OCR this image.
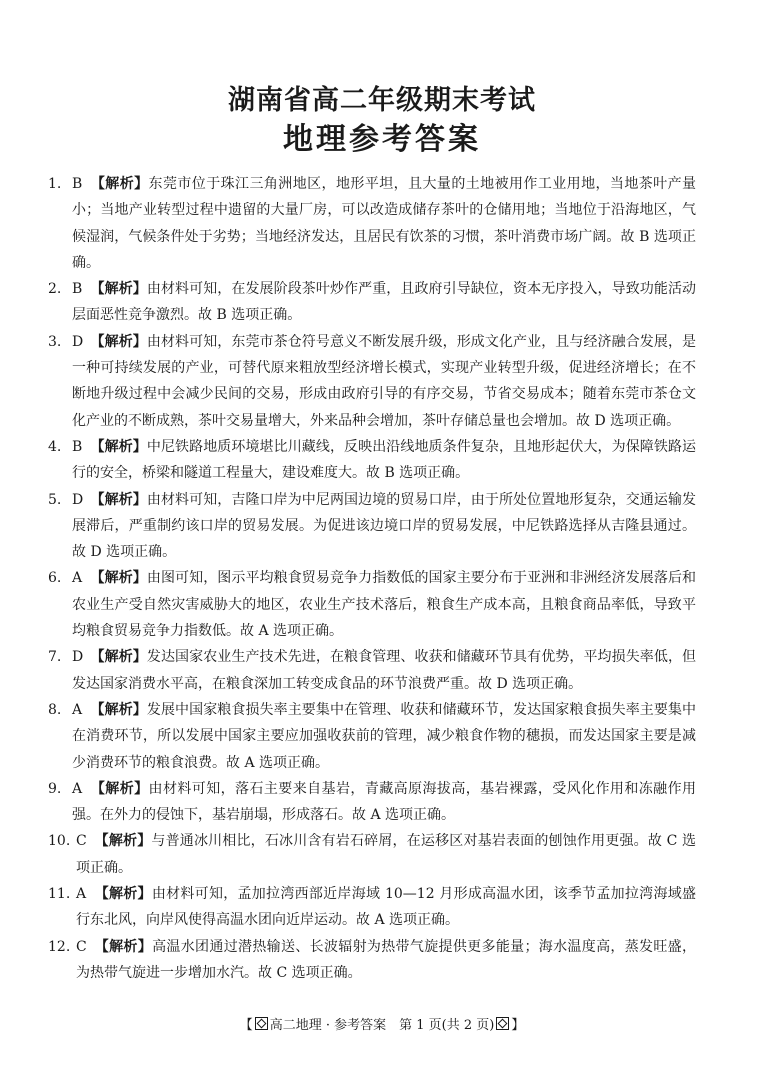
湖南省高二年级期末考试
地理参考答案
1. B 【解析】东莞市位于珠江三角洲地区，地形平坦，且大量的土地被用作工业用地，当地茶叶产量小；当地产业转型过程中遗留的大量厂房，可以改造成储存茶叶的仓储用地；当地位于沿海地区，气候湿润，气候条件处于劣势；当地经济发达，且居民有饮茶的习惯，茶叶消费市场广阔。故 B 选项正确。
2. B 【解析】由材料可知，在发展阶段茶叶炒作严重，且政府引导缺位，资本无序投入，导致功能活动层面恶性竞争激烈。故 B 选项正确。
3. D 【解析】由材料可知，东莞市茶仓符号意义不断发展升级，形成文化产业，且与经济融合发展，是一种可持续发展的产业，可替代原来粗放型经济增长模式，实现产业转型升级，促进经济增长；在不断地升级过程中会减少民间的交易，形成由政府引导的有序交易，节省交易成本；随着东莞市茶仓文化产业的不断成熟，茶叶交易量增大，外来品种会增加，茶叶存储总量也会增加。故 D 选项正确。
4. B 【解析】中尼铁路地质环境堪比川藏线，反映出沿线地质条件复杂，且地形起伏大，为保障铁路运行的安全，桥梁和隧道工程量大，建设难度大。故 B 选项正确。
5. D 【解析】由材料可知，吉隆口岸为中尼两国边境的贸易口岸，由于所处位置地形复杂，交通运输发展滞后，严重制约该口岸的贸易发展。为促进该边境口岸的贸易发展，中尼铁路选择从吉隆县通过。故 D 选项正确。
6. A 【解析】由图可知，图示平均粮食贸易竞争力指数低的国家主要分布于亚洲和非洲经济发展落后和农业生产受自然灾害威胁大的地区，农业生产技术落后，粮食生产成本高，且粮食商品率低，导致平均粮食贸易竞争力指数低。故 A 选项正确。
7. D 【解析】发达国家农业生产技术先进，在粮食管理、收获和储藏环节具有优势，平均损失率低，但发达国家消费水平高，在粮食深加工转变成食品的环节浪费严重。故 D 选项正确。
8. A 【解析】发展中国家粮食损失率主要集中在管理、收获和储藏环节，发达国家粮食损失率主要集中在消费环节，所以发展中国家主要应加强收获前的管理，减少粮食作物的穗损，而发达国家主要是减少消费环节的粮食浪费。故 A 选项正确。
9. A 【解析】由材料可知，落石主要来自基岩，青藏高原海拔高，基岩裸露，受风化作用和冻融作用强。在外力的侵蚀下，基岩崩塌，形成落石。故 A 选项正确。
10. C 【解析】与普通冰川相比，石冰川含有岩石碎屑，在运移区对基岩表面的刨蚀作用更强。故 C 选项正确。
11. A 【解析】由材料可知，孟加拉湾西部近岸海域 10—12 月形成高温水团，该季节孟加拉湾海域盛行东北风，向岸风使得高温水团向近岸运动。故 A 选项正确。
12. C 【解析】高温水团通过潜热输送、长波辐射为热带气旋提供更多能量；海水温度高，蒸发旺盛，为热带气旋进一步增加水汽。故 C 选项正确。
【 高二地理 · 参考答案　第 1 页(共 2 页) 】
